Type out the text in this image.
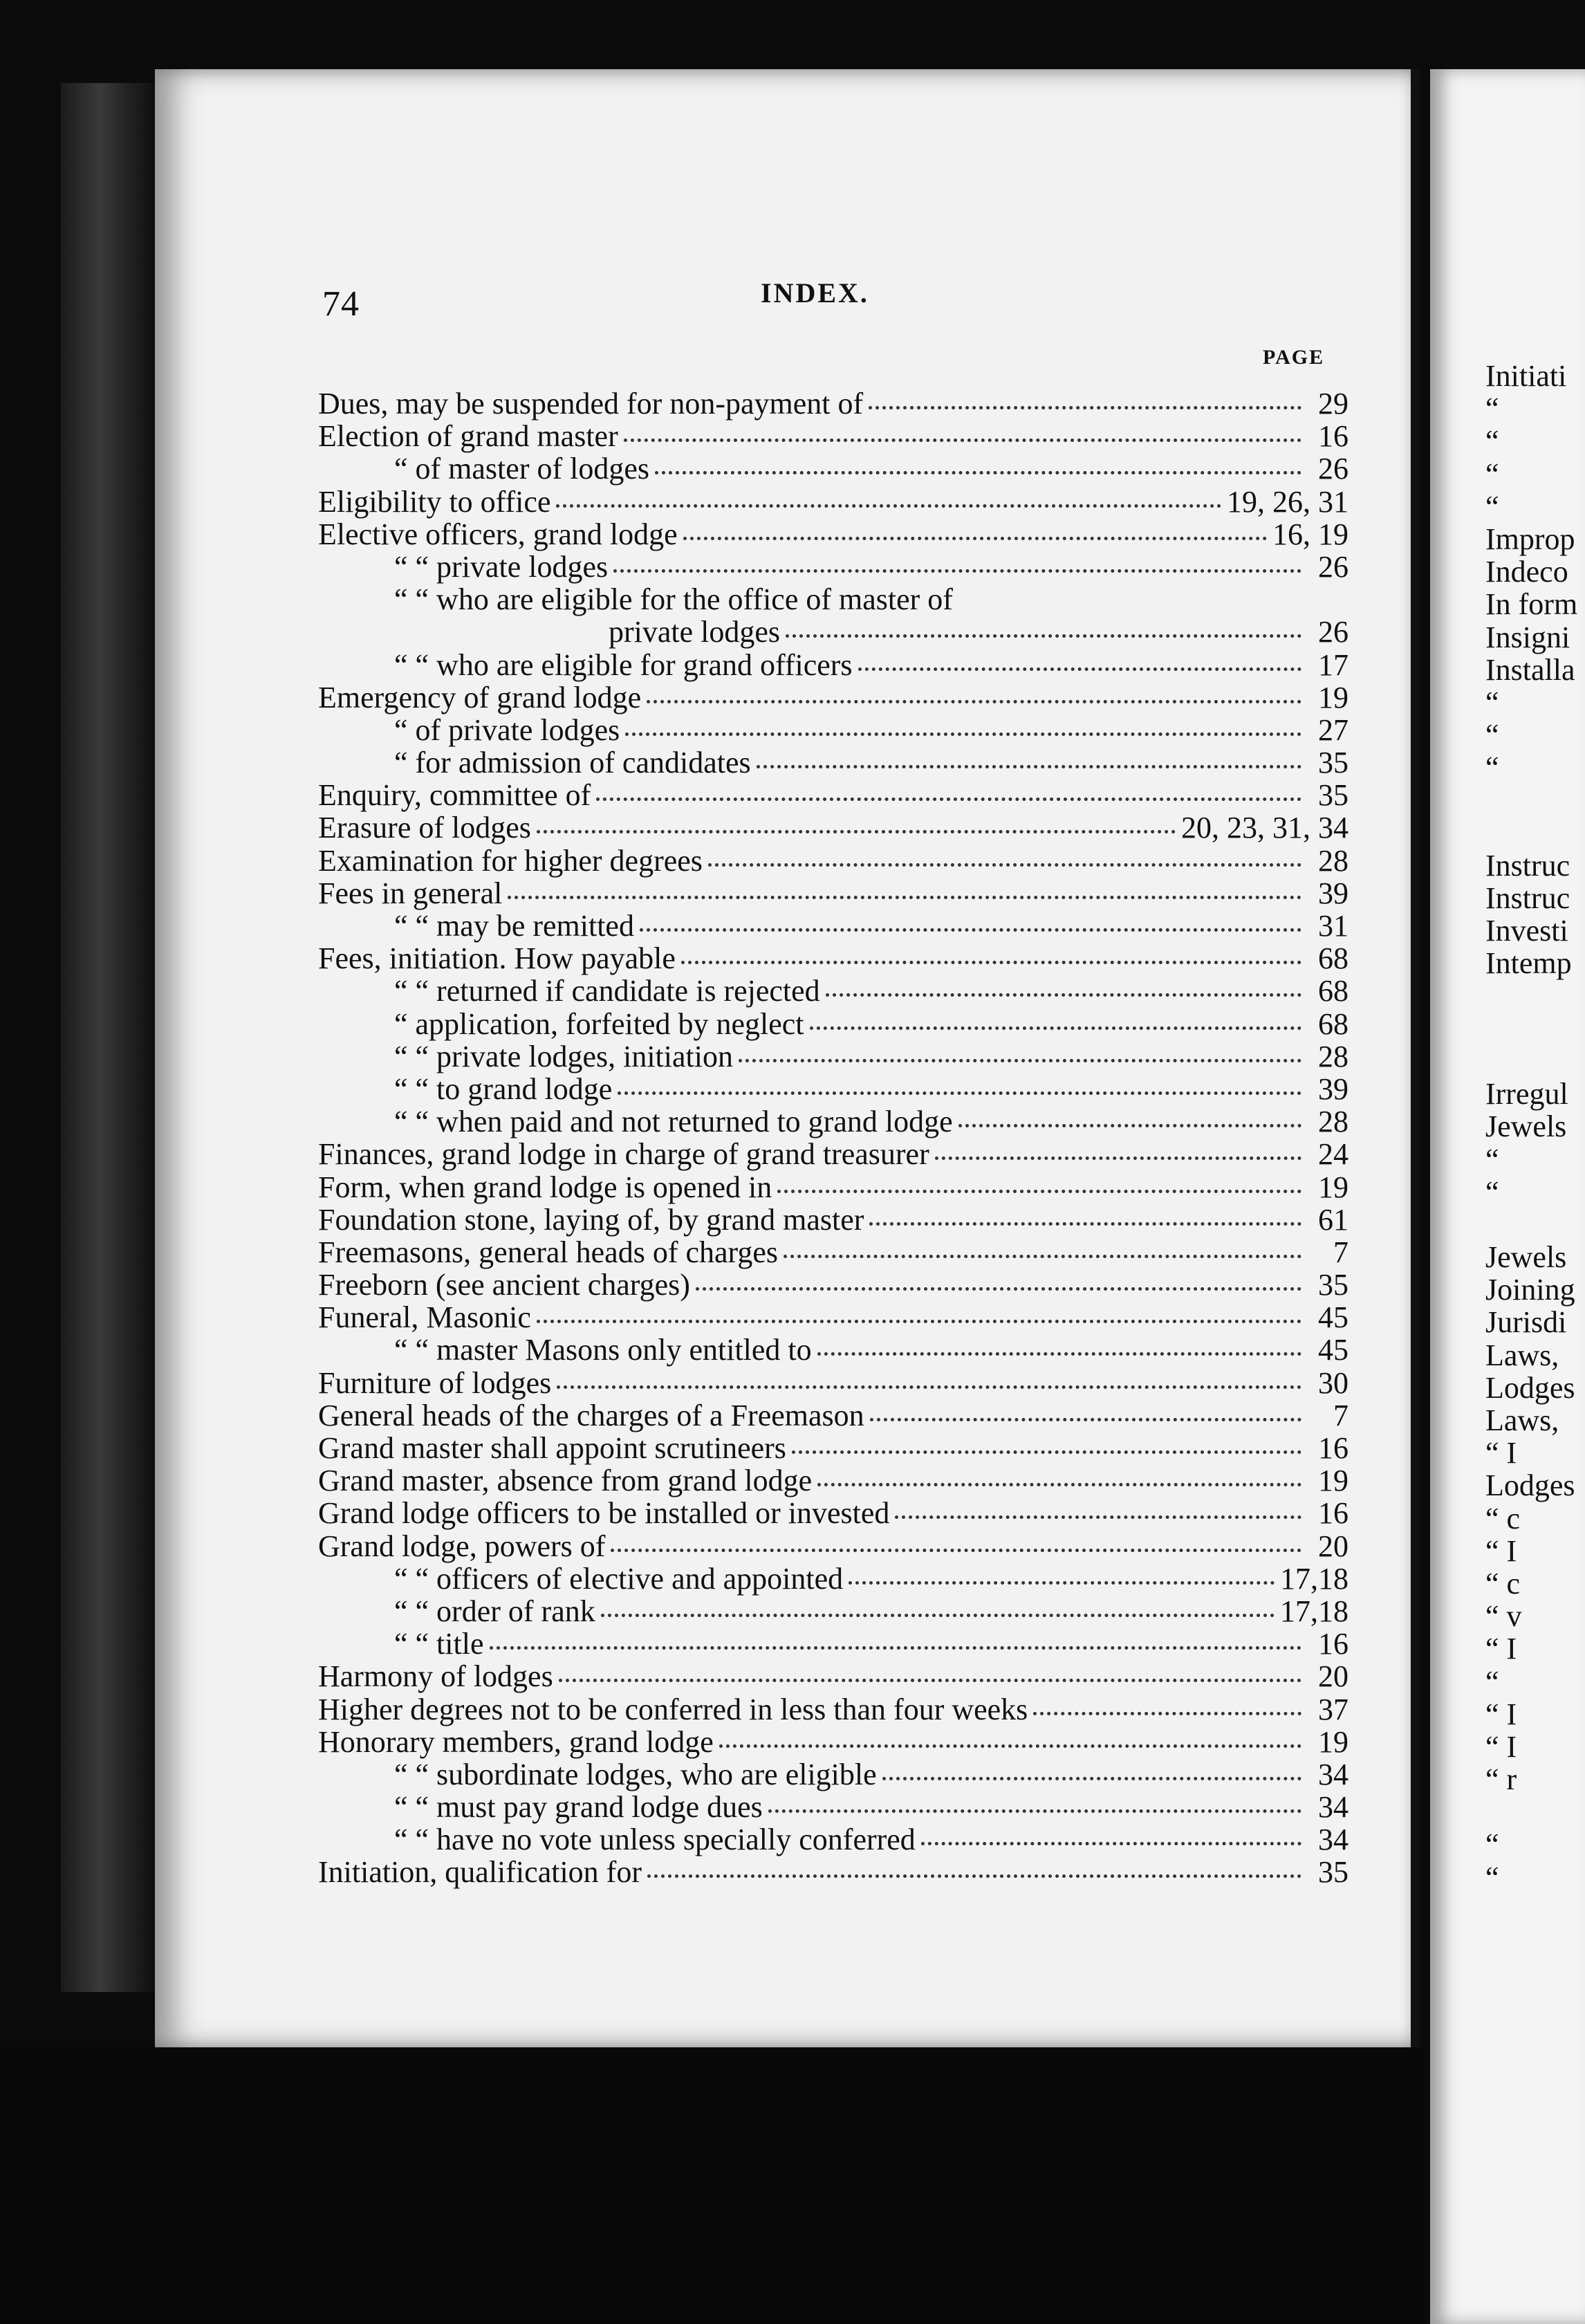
Initiati
“
“
“
“
Improp
Indeco
In form
Insigni
Installa
“
“
“
Instruc
Instruc
Investi
Intemp
Irregul
Jewels
“
“
Jewels
Joining
Jurisdi
Laws,
Lodges
Laws,
“ I
Lodges
“ c
“ I
“ c
“ v
“ I
“
“ I
“ I
“ r
“
“
74	INDEX.
PAGE
Dues, may be suspended for non-payment of	29
Election of grand master	16
“ of master of lodges	26
Eligibility to office	19, 26, 31
Elective officers, grand lodge	16, 19
“ “ private lodges	26
“ “ who are eligible for the office of master of
private lodges	26
“ “ who are eligible for grand officers	17
Emergency of grand lodge	19
“ of private lodges	27
“ for admission of candidates	35
Enquiry, committee of	35
Erasure of lodges	20, 23, 31, 34
Examination for higher degrees	28
Fees in general	39
“ “ may be remitted	31
Fees, initiation. How payable	68
“ “ returned if candidate is rejected	68
“ application, forfeited by neglect	68
“ “ private lodges, initiation	28
“ “ to grand lodge	39
“ “ when paid and not returned to grand lodge	28
Finances, grand lodge in charge of grand treasurer	24
Form, when grand lodge is opened in	19
Foundation stone, laying of, by grand master	61
Freemasons, general heads of charges	7
Freeborn (see ancient charges)	35
Funeral, Masonic	45
“ “ master Masons only entitled to	45
Furniture of lodges	30
General heads of the charges of a Freemason	7
Grand master shall appoint scrutineers	16
Grand master, absence from grand lodge	19
Grand lodge officers to be installed or invested	16
Grand lodge, powers of	20
“ “ officers of elective and appointed	17,18
“ “ order of rank	17,18
“ “ title	16
Harmony of lodges	20
Higher degrees not to be conferred in less than four weeks	37
Honorary members, grand lodge	19
“ “ subordinate lodges, who are eligible	34
“ “ must pay grand lodge dues	34
“ “ have no vote unless specially conferred	34
Initiation, qualification for	35
